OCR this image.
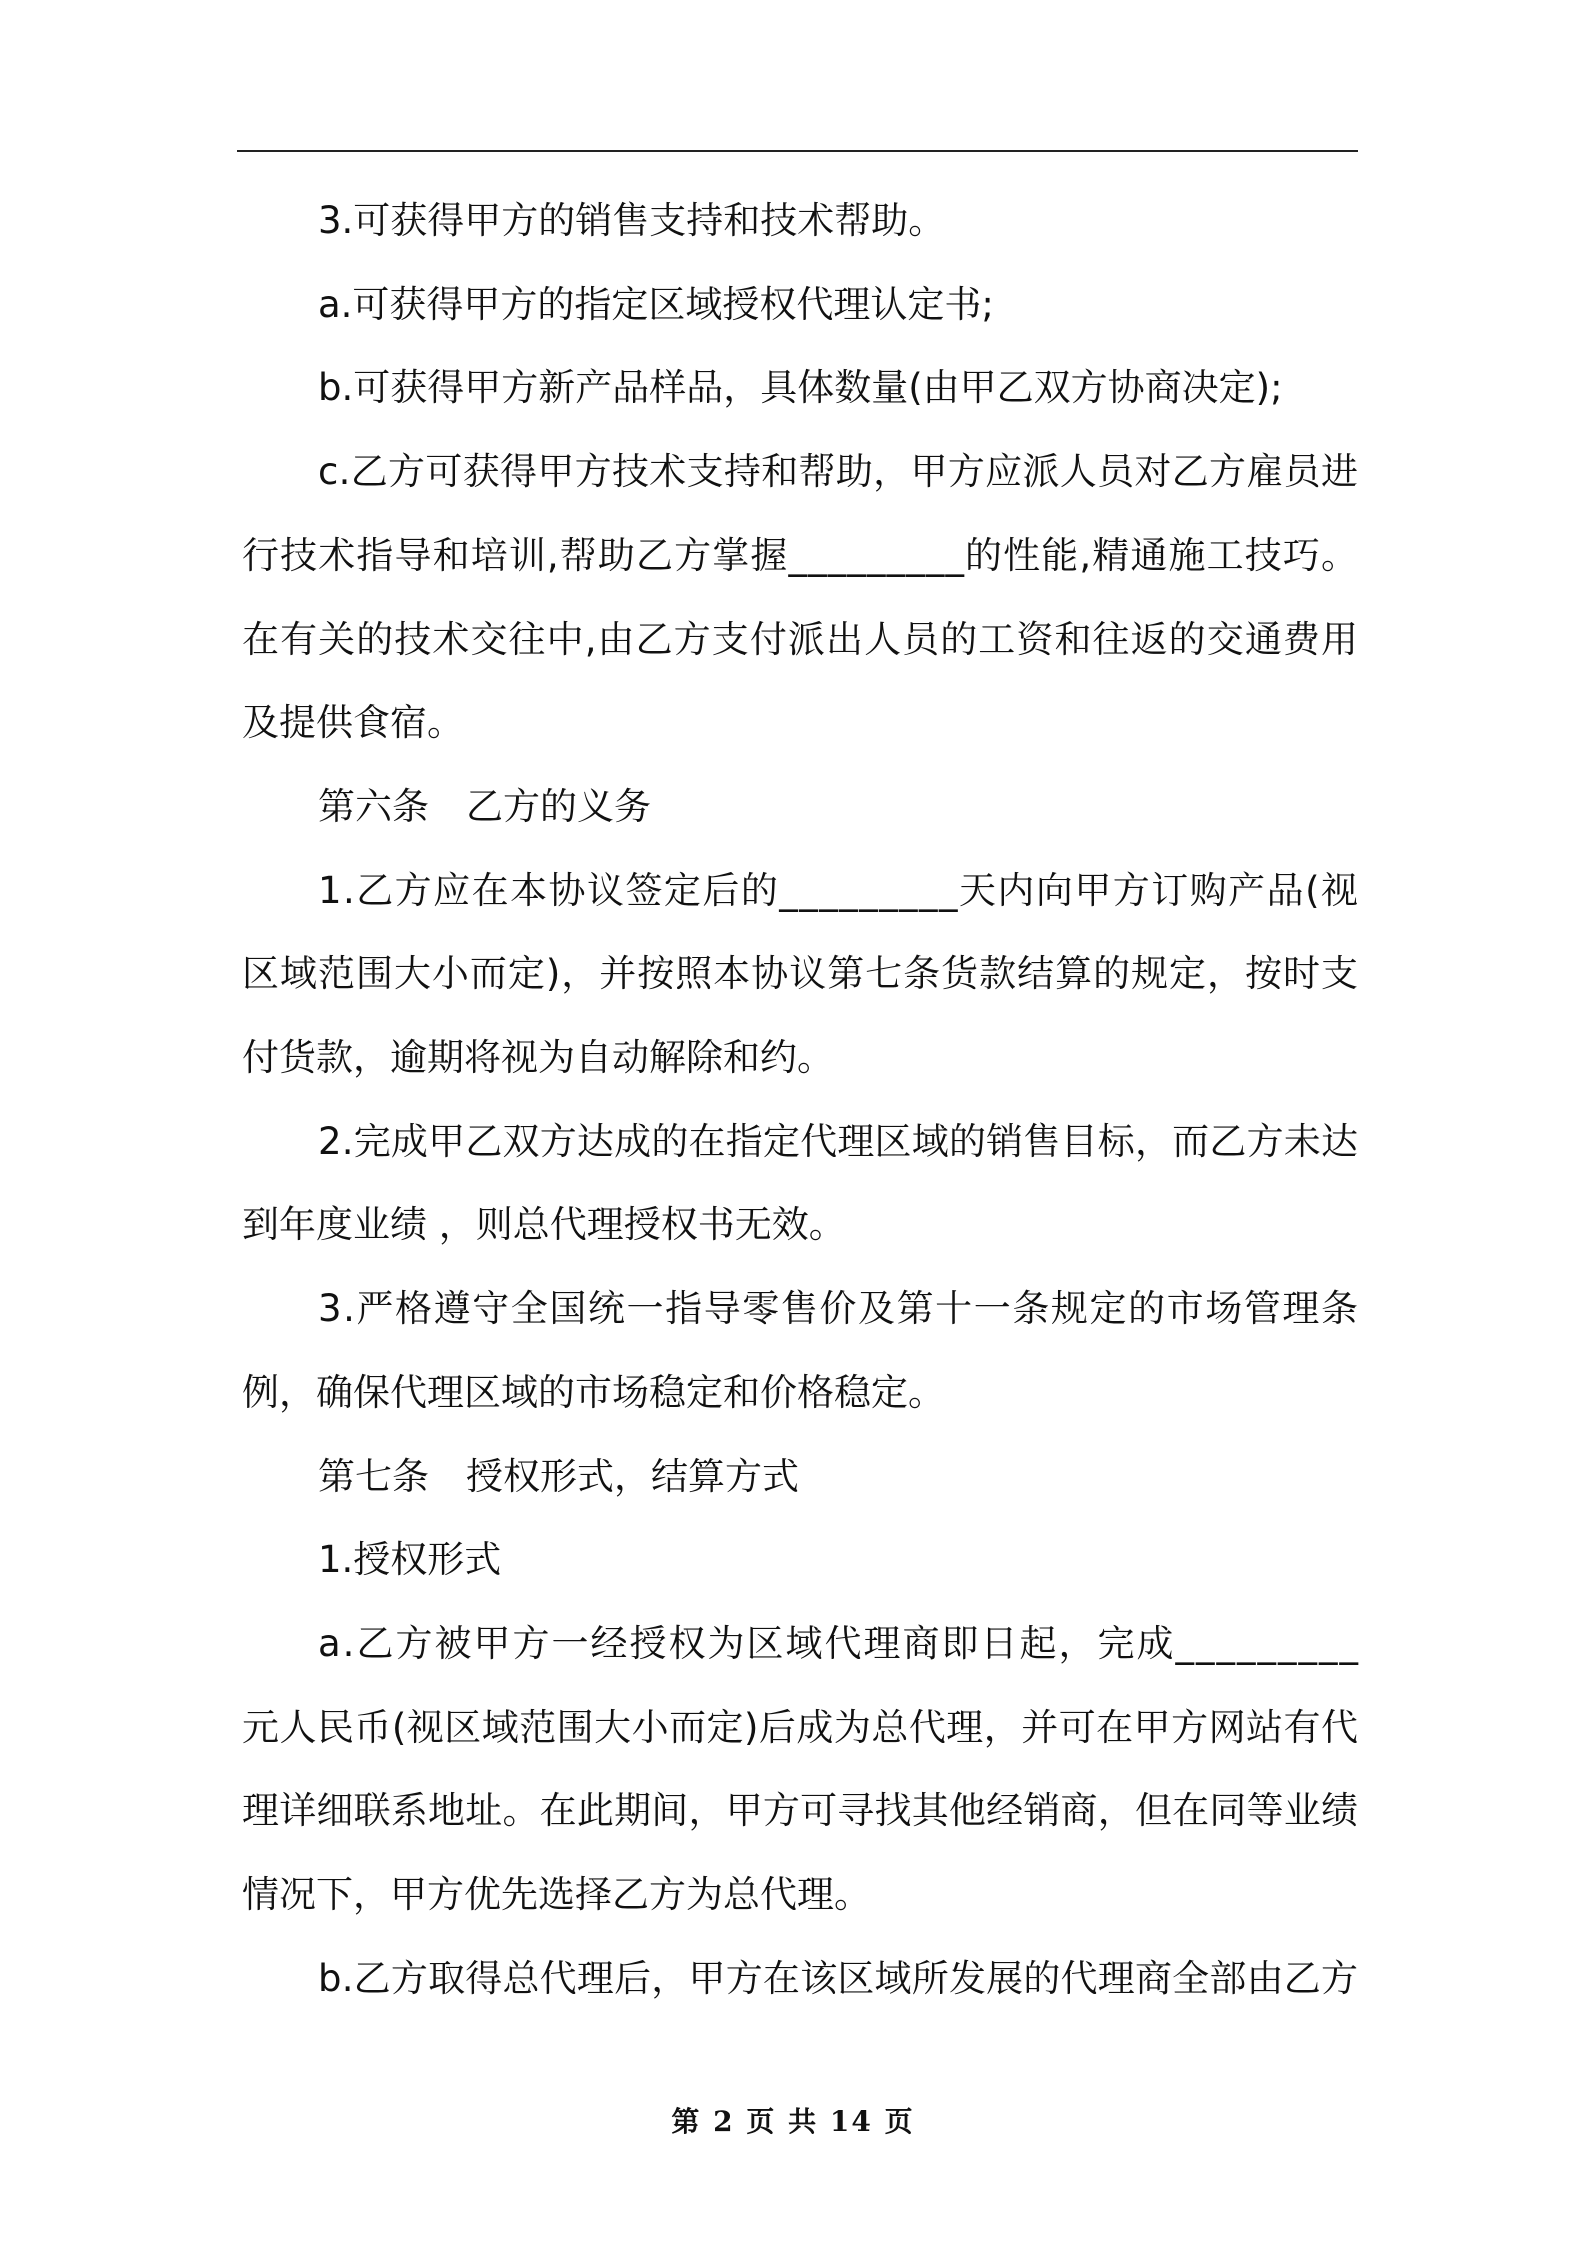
3.可获得甲方的销售支持和技术帮助。
a.可获得甲方的指定区域授权代理认定书;
b.可获得甲方新产品样品，具体数量(由甲乙双方协商决定);
c.乙方可获得甲方技术支持和帮助，甲方应派人员对乙方雇员进
行技术指导和培训,帮助乙方掌握_________的性能,精通施工技巧。
在有关的技术交往中,由乙方支付派出人员的工资和往返的交通费用
及提供食宿。
第六条　乙方的义务
1.乙方应在本协议签定后的_________天内向甲方订购产品(视
区域范围大小而定)，并按照本协议第七条货款结算的规定，按时支
付货款，逾期将视为自动解除和约。
2.完成甲乙双方达成的在指定代理区域的销售目标，而乙方未达
到年度业绩 ，则总代理授权书无效。
3.严格遵守全国统一指导零售价及第十一条规定的市场管理条
例，确保代理区域的市场稳定和价格稳定。
第七条　授权形式，结算方式
1.授权形式
a.乙方被甲方一经授权为区域代理商即日起，完成_________
元人民币(视区域范围大小而定)后成为总代理，并可在甲方网站有代
理详细联系地址。在此期间，甲方可寻找其他经销商，但在同等业绩
情况下，甲方优先选择乙方为总代理。
b.乙方取得总代理后，甲方在该区域所发展的代理商全部由乙方
第 2 页 共 14 页
